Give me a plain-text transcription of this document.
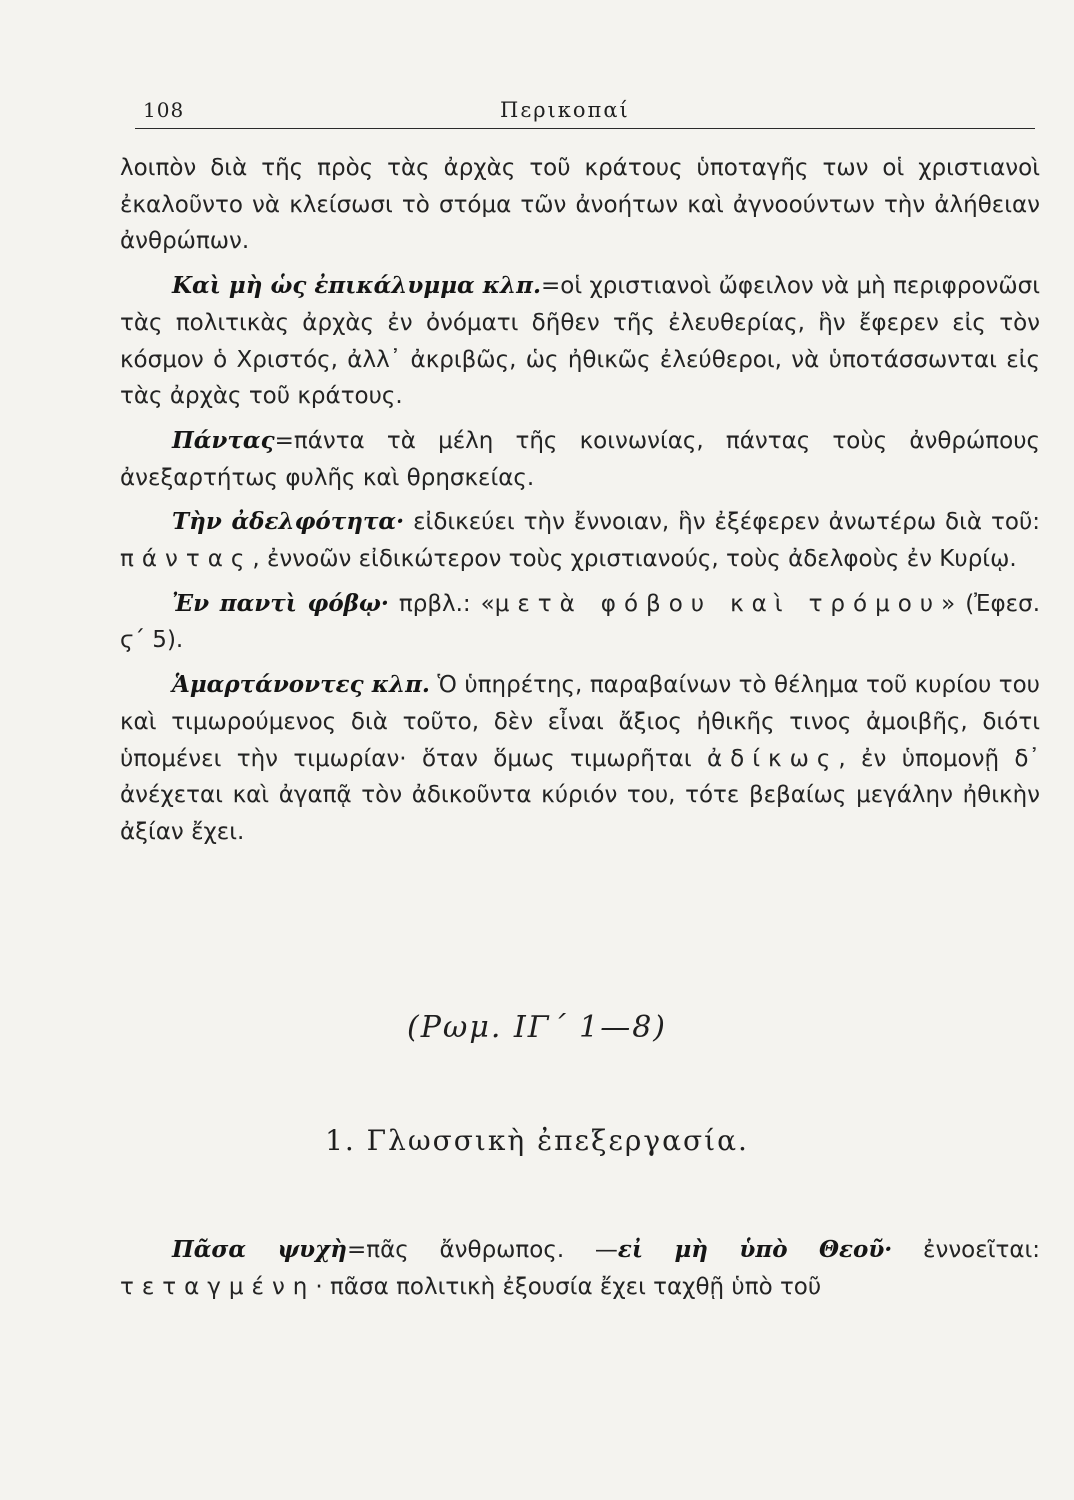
108	Περικοπαί

λοιπὸν διὰ τῆς πρὸς τὰς ἀρχὰς τοῦ κράτους ὑποταγῆς των οἱ χριστιανοὶ ἐκαλοῦντο νὰ κλείσωσι τὸ στόμα τῶν ἀνοήτων καὶ ἀγνοούντων τὴν ἀλήθειαν ἀνθρώπων.

Καὶ μὴ ὡς ἐπικάλυμμα κλπ.=οἱ χριστιανοὶ ὤφειλον νὰ μὴ περιφρονῶσι τὰς πολιτικὰς ἀρχὰς ἐν ὀνόματι δῆθεν τῆς ἐλευθερίας, ἣν ἔφερεν εἰς τὸν κόσμον ὁ Χριστός, ἀλλ᾿ ἀκριβῶς, ὡς ἠθικῶς ἐλεύθεροι, νὰ ὑποτάσσωνται εἰς τὰς ἀρχὰς τοῦ κράτους.

Πάντας=πάντα τὰ μέλη τῆς κοινωνίας, πάντας τοὺς ἀνθρώπους ἀνεξαρτήτως φυλῆς καὶ θρησκείας.

Τὴν ἀδελφότητα· εἰδικεύει τὴν ἔννοιαν, ἣν ἐξέφερεν ἀνωτέρω διὰ τοῦ: πάντας, ἐννοῶν εἰδικώτερον τοὺς χριστιανούς, τοὺς ἀδελφοὺς ἐν Κυρίῳ.

Ἐν παντὶ φόβῳ· πρβλ.: «μετὰ φόβου καὶ τρόμου» (Ἐφεσ. ϛ΄ 5).

Ἁμαρτάνοντες κλπ. Ὁ ὑπηρέτης, παραβαίνων τὸ θέλημα τοῦ κυρίου του καὶ τιμωρούμενος διὰ τοῦτο, δὲν εἶναι ἄξιος ἠθικῆς τινος ἀμοιβῆς, διότι ὑπομένει τὴν τιμωρίαν· ὅταν ὅμως τιμωρῆται ἀδίκως, ἐν ὑπομονῇ δ᾿ ἀνέχεται καὶ ἀγαπᾷ τὸν ἀδικοῦντα κύριόν του, τότε βεβαίως μεγάλην ἠθικὴν ἀξίαν ἔχει.

(Ρωμ. ΙΓ΄ 1—8)
1. Γλωσσικὴ ἐπεξεργασία.

Πᾶσα ψυχὴ=πᾶς ἄνθρωπος. —εἰ μὴ ὑπὸ Θεοῦ· ἐννοεῖται: τεταγμένη· πᾶσα πολιτικὴ ἐξουσία ἔχει ταχθῇ ὑπὸ τοῦ
